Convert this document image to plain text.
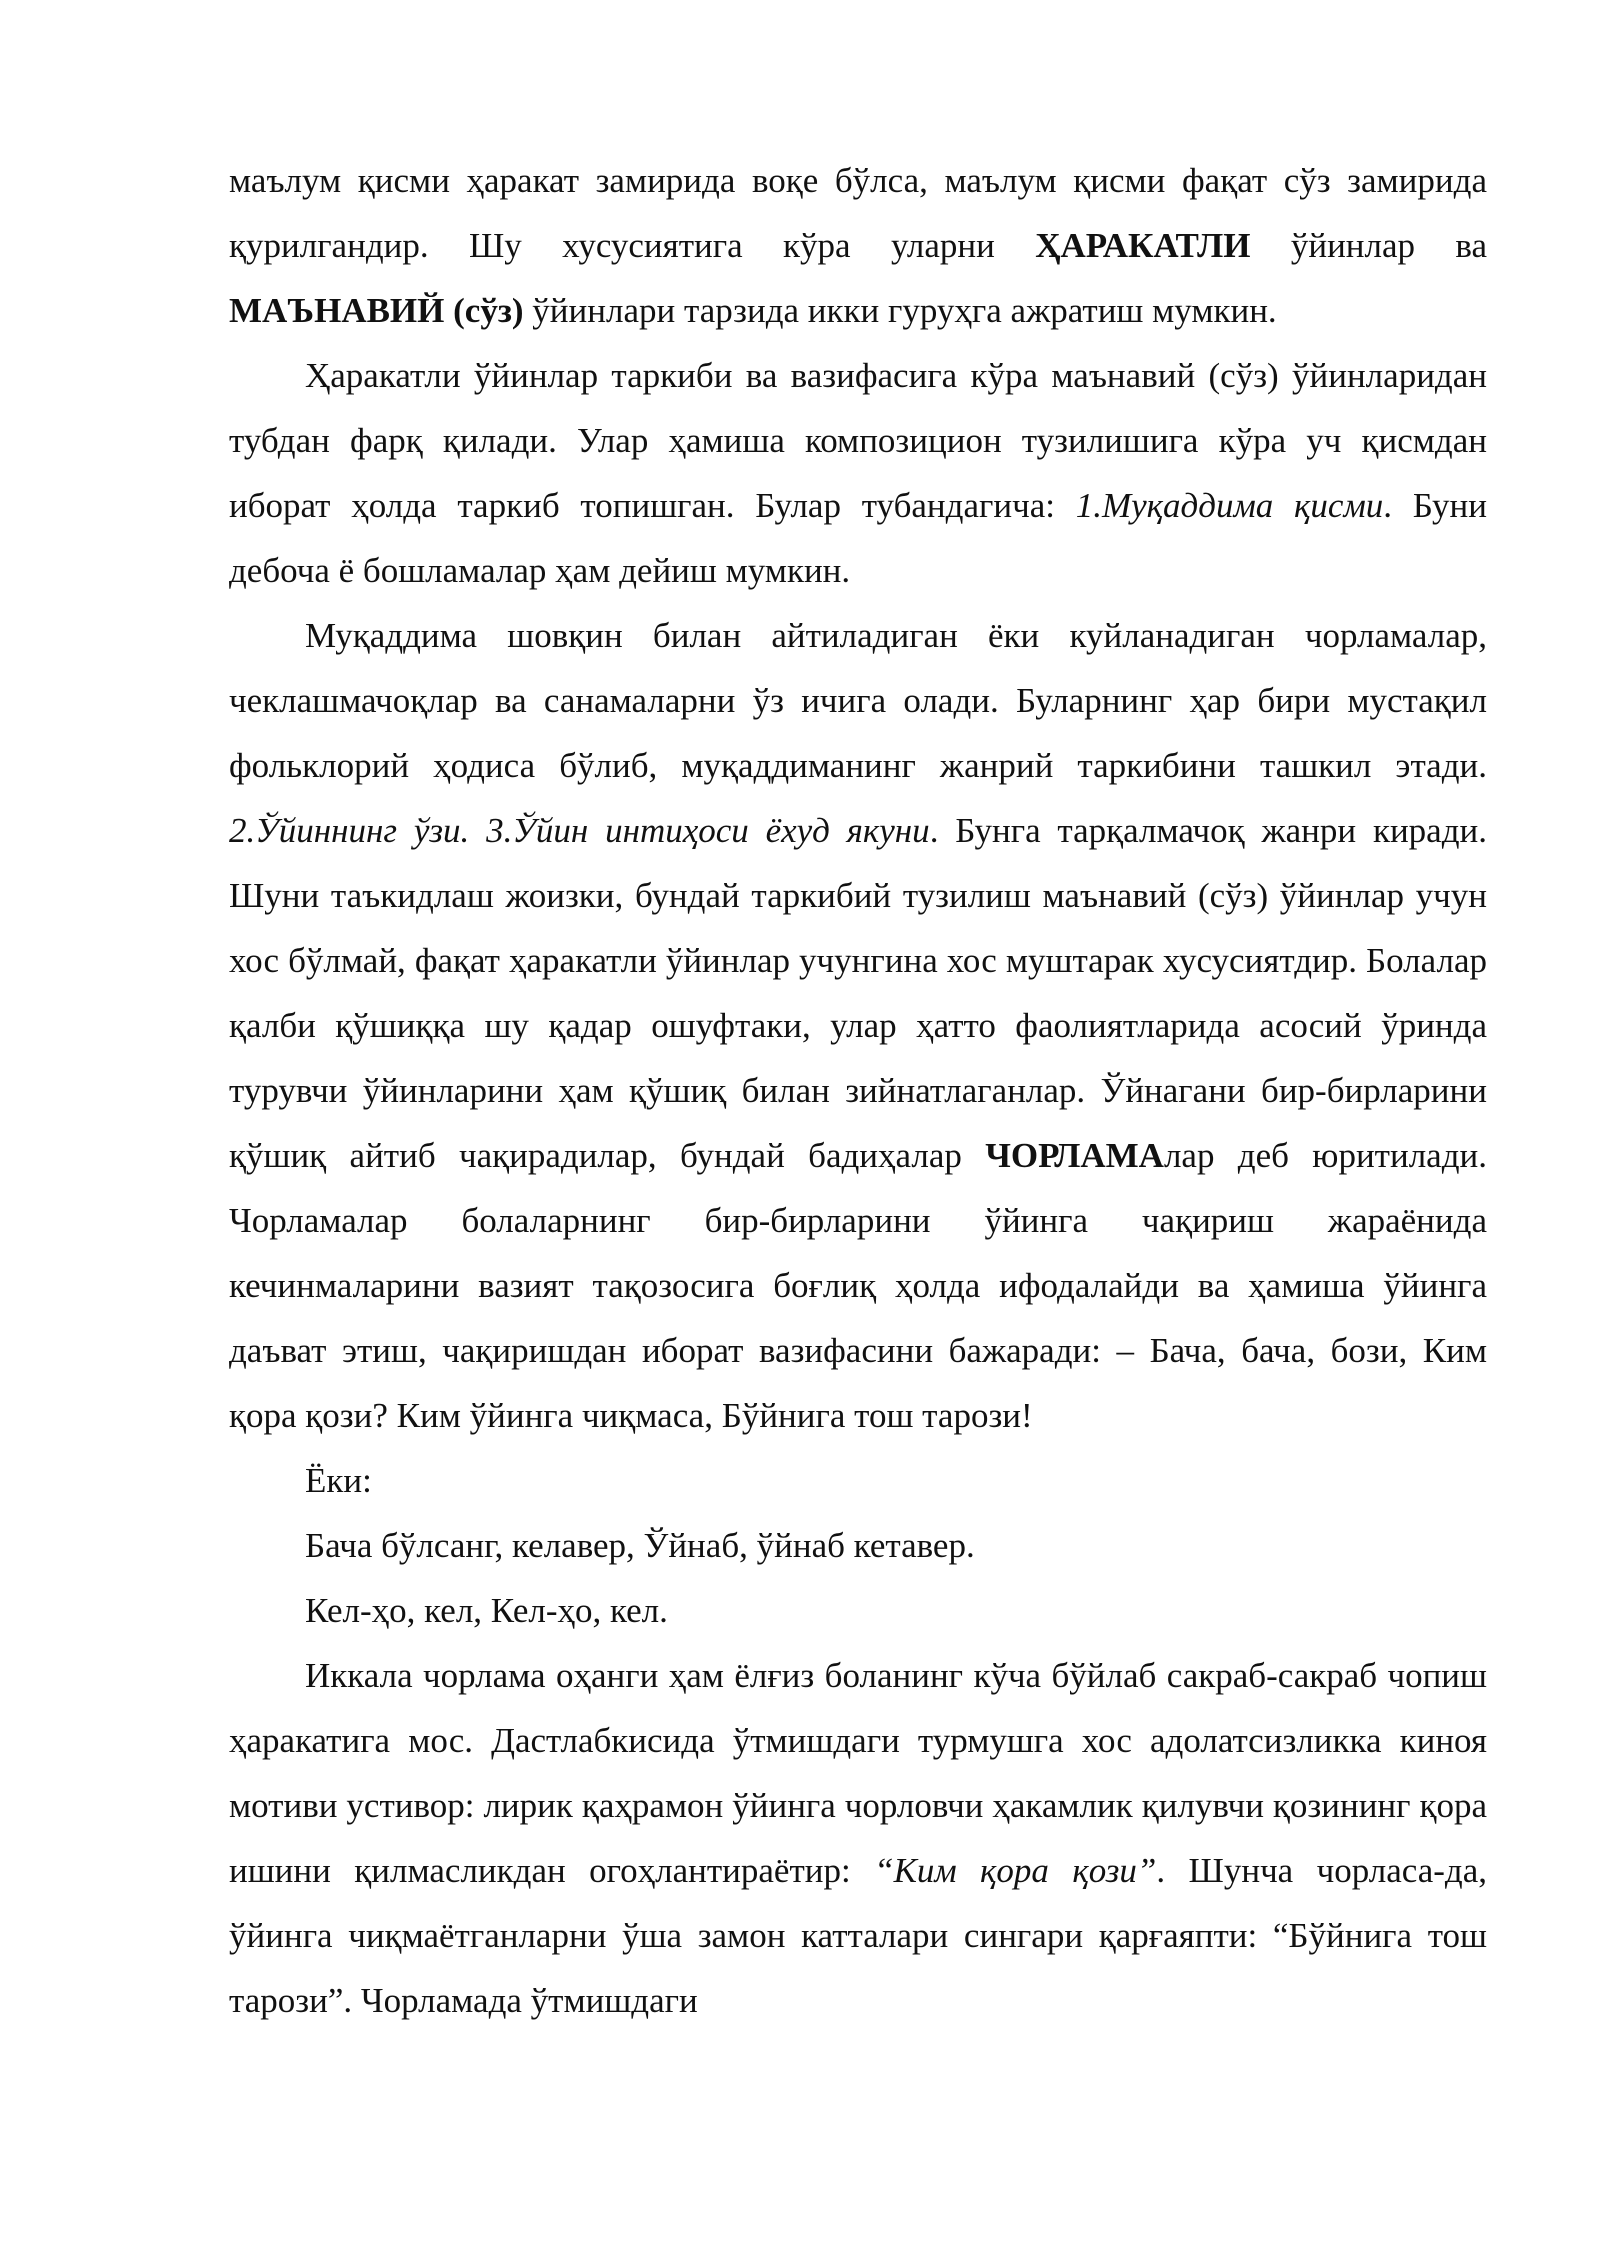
маълум қисми ҳаракат замирида воқе бўлса, маълум қисми фақат сўз замирида қурилгандир. Шу хусусиятига кўра уларни ҲАРАКАТЛИ ўйинлар ва МАЪНАВИЙ (сўз) ўйинлари тарзида икки гуруҳга ажратиш мумкин.

Ҳаракатли ўйинлар таркиби ва вазифасига кўра маънавий (сўз) ўйинларидан тубдан фарқ қилади. Улар ҳамиша композицион тузилишига кўра уч қисмдан иборат ҳолда таркиб топишган. Булар тубандагича: 1.Муқаддима қисми. Буни дебоча ё бошламалар ҳам дейиш мумкин.

Муқаддима шовқин билан айтиладиган ёки куйланадиган чорламалар, чеклашмачоқлар ва санамаларни ўз ичига олади. Буларнинг ҳар бири мустақил фольклорий ҳодиса бўлиб, муқаддиманинг жанрий таркибини ташкил этади. 2.Ўйиннинг ўзи. 3.Ўйин интиҳоси ёхуд якуни. Бунга тарқалмачоқ жанри киради. Шуни таъкидлаш жоизки, бундай таркибий тузилиш маънавий (сўз) ўйинлар учун хос бўлмай, фақат ҳаракатли ўйинлар учунгина хос муштарак хусусиятдир. Болалар қалби қўшиққа шу қадар ошуфтаки, улар ҳатто фаолиятларида асосий ўринда турувчи ўйинларини ҳам қўшиқ билан зийнатлаганлар. Ўйнагани бир-бирларини қўшиқ айтиб чақирадилар, бундай бадиҳалар ЧОРЛАМАлар деб юритилади. Чорламалар болаларнинг бир-бирларини ўйинга чақириш жараёнида кечинмаларини вазият тақозосига боғлиқ ҳолда ифодалайди ва ҳамиша ўйинга даъват этиш, чақиришдан иборат вазифасини бажаради: – Бача, бача, бози, Ким қора қози? Ким ўйинга чиқмаса, Бўйнига тош тарози!

Ёки:

Бача бўлсанг, келавер, Ўйнаб, ўйнаб кетавер.

Кел-ҳо, кел, Кел-ҳо, кел.

Иккала чорлама оҳанги ҳам ёлғиз боланинг кўча бўйлаб сакраб-сакраб чопиш ҳаракатига мос. Дастлабкисида ўтмишдаги турмушга хос адолатсизликка киноя мотиви устивор: лирик қаҳрамон ўйинга чорловчи ҳакамлик қилувчи қозининг қора ишини қилмасликдан огоҳлантираётир: “Ким қора қози”. Шунча чорласа-да, ўйинга чиқмаётганларни ўша замон катталари сингари қарғаяпти: “Бўйнига тош тарози”. Чорламада ўтмишдаги
